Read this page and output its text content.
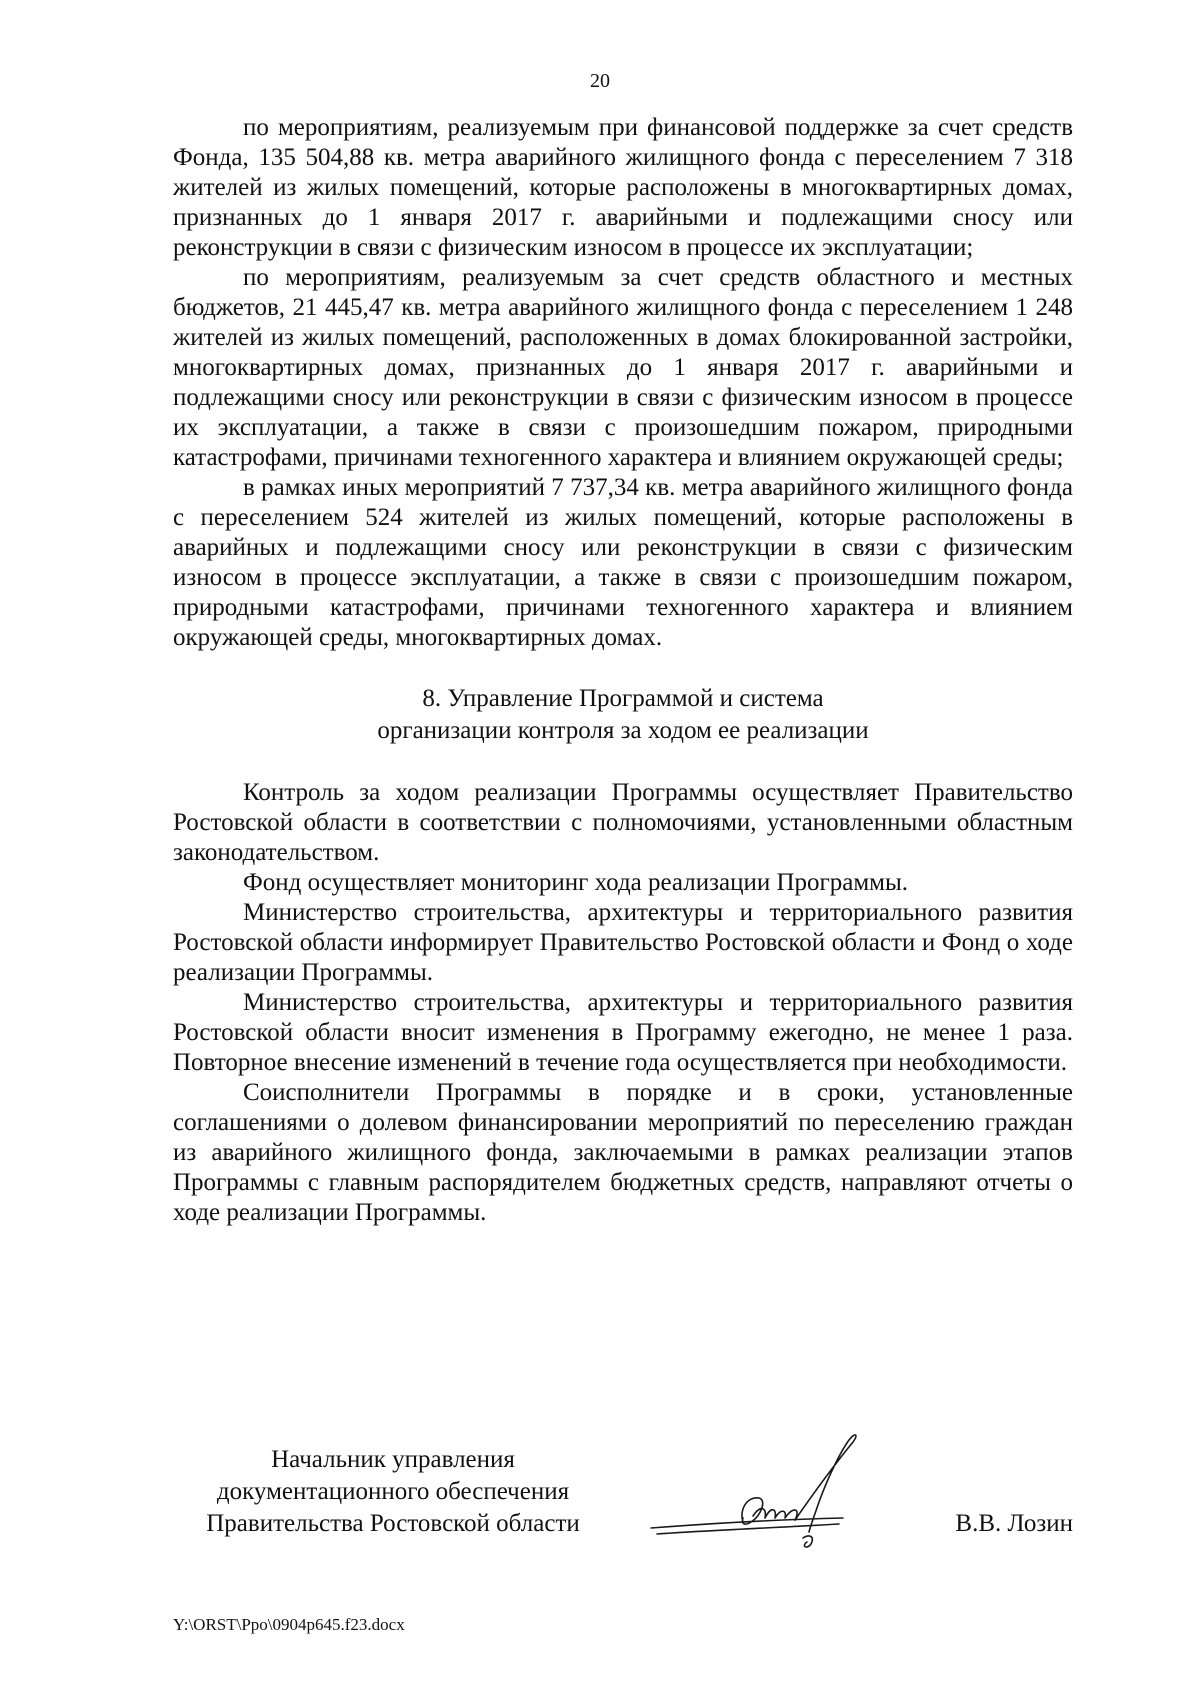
20

по мероприятиям, реализуемым при финансовой поддержке за счет средств Фонда, 135 504,88 кв. метра аварийного жилищного фонда с переселением 7 318 жителей из жилых помещений, которые расположены в многоквартирных домах, признанных до 1 января 2017 г. аварийными и подлежащими сносу или реконструкции в связи с физическим износом в процессе их эксплуатации;

по мероприятиям, реализуемым за счет средств областного и местных бюджетов, 21 445,47 кв. метра аварийного жилищного фонда с переселением 1 248 жителей из жилых помещений, расположенных в домах блокированной застройки, многоквартирных домах, признанных до 1 января 2017 г. аварийными и подлежащими сносу или реконструкции в связи с физическим износом в процессе их эксплуатации, а также в связи с произошедшим пожаром, природными катастрофами, причинами техногенного характера и влиянием окружающей среды;

в рамках иных мероприятий 7 737,34 кв. метра аварийного жилищного фонда с переселением 524 жителей из жилых помещений, которые расположены в аварийных и подлежащими сносу или реконструкции в связи с физическим износом в процессе эксплуатации, а также в связи с произошедшим пожаром, природными катастрофами, причинами техногенного характера и влиянием окружающей среды, многоквартирных домах.

8. Управление Программой и система
организации контроля за ходом ее реализации

Контроль за ходом реализации Программы осуществляет Правительство Ростовской области в соответствии с полномочиями, установленными областным законодательством.

Фонд осуществляет мониторинг хода реализации Программы.

Министерство строительства, архитектуры и территориального развития Ростовской области информирует Правительство Ростовской области и Фонд о ходе реализации Программы.

Министерство строительства, архитектуры и территориального развития Ростовской области вносит изменения в Программу ежегодно, не менее 1 раза. Повторное внесение изменений в течение года осуществляется при необходимости.

Соисполнители Программы в порядке и в сроки, установленные соглашениями о долевом финансировании мероприятий по переселению граждан из аварийного жилищного фонда, заключаемыми в рамках реализации этапов Программы с главным распорядителем бюджетных средств, направляют отчеты о ходе реализации Программы.

Начальник управления
документационного обеспечения
Правительства Ростовской области	В.В. Лозин
Y:\ORST\Ppo\0904p645.f23.docx
